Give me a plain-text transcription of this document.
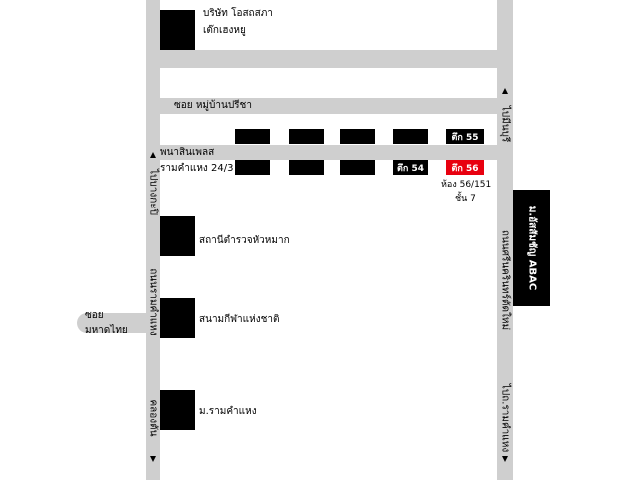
ซอยมหาดไทย
ซอย หมู่บ้านปรีชา
พนาสินเพลส
รามคำแหง 24/3
ไปบางกะปิ
ถนนรามคำแหง
คลองตัน
ไปมีนบุรี
ถนนศรีนครินทร์ตัดใหม่
ไปถ.รามคำแหง
บริษัท โอสถสภา
เต๊กเฮงหยู
สถานีตำรวจหัวหมาก
สนามกีฬาแห่งชาติ
ม.รามคำแหง
ตึก 55
ตึก 54	ตึก 56
ห้อง 56/151
ชั้น 7
ม.อัสสัมชัญ ABAC
